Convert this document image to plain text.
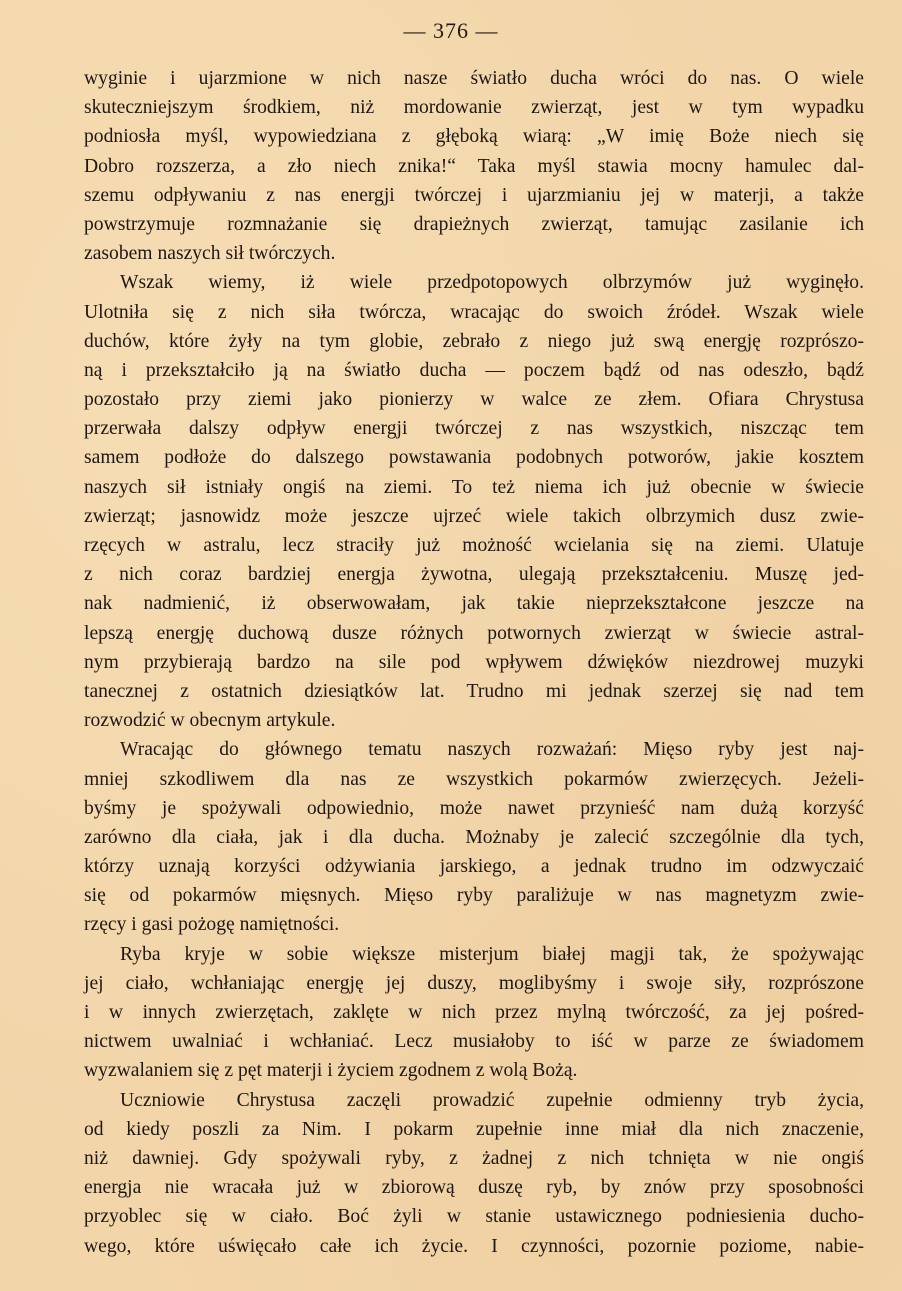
— 376 —
wyginie i ujarzmione w nich nasze światło ducha wróci do nas. O wiele
skuteczniejszym środkiem, niż mordowanie zwierząt, jest w tym wypadku
podniosła myśl, wypowiedziana z głęboką wiarą: „W imię Boże niech się
Dobro rozszerza, a zło niech znika!“ Taka myśl stawia mocny hamulec dal-
szemu odpływaniu z nas energji twórczej i ujarzmianiu jej w materji, a także
powstrzymuje rozmnażanie się drapieżnych zwierząt, tamując zasilanie ich
zasobem naszych sił twórczych.
Wszak wiemy, iż wiele przedpotopowych olbrzymów już wyginęło.
Ulotniła się z nich siła twórcza, wracając do swoich źródeł. Wszak wiele
duchów, które żyły na tym globie, zebrało z niego już swą energję rozprószo-
ną i przekształciło ją na światło ducha — poczem bądź od nas odeszło, bądź
pozostało przy ziemi jako pionierzy w walce ze złem. Ofiara Chrystusa
przerwała dalszy odpływ energji twórczej z nas wszystkich, niszcząc tem
samem podłoże do dalszego powstawania podobnych potworów, jakie kosztem
naszych sił istniały ongiś na ziemi. To też niema ich już obecnie w świecie
zwierząt; jasnowidz może jeszcze ujrzeć wiele takich olbrzymich dusz zwie-
rzęcych w astralu, lecz straciły już możność wcielania się na ziemi. Ulatuje
z nich coraz bardziej energja żywotna, ulegają przekształceniu. Muszę jed-
nak nadmienić, iż obserwowałam, jak takie nieprzekształcone jeszcze na
lepszą energję duchową dusze różnych potwornych zwierząt w świecie astral-
nym przybierają bardzo na sile pod wpływem dźwięków niezdrowej muzyki
tanecznej z ostatnich dziesiątków lat. Trudno mi jednak szerzej się nad tem
rozwodzić w obecnym artykule.
Wracając do głównego tematu naszych rozważań: Mięso ryby jest naj-
mniej szkodliwem dla nas ze wszystkich pokarmów zwierzęcych. Jeżeli-
byśmy je spożywali odpowiednio, może nawet przynieść nam dużą korzyść
zarówno dla ciała, jak i dla ducha. Możnaby je zalecić szczególnie dla tych,
którzy uznają korzyści odżywiania jarskiego, a jednak trudno im odzwyczaić
się od pokarmów mięsnych. Mięso ryby paraliżuje w nas magnetyzm zwie-
rzęcy i gasi pożogę namiętności.
Ryba kryje w sobie większe misterjum białej magji tak, że spożywając
jej ciało, wchłaniając energję jej duszy, moglibyśmy i swoje siły, rozprószone
i w innych zwierzętach, zaklęte w nich przez mylną twórczość, za jej pośred-
nictwem uwalniać i wchłaniać. Lecz musiałoby to iść w parze ze świadomem
wyzwalaniem się z pęt materji i życiem zgodnem z wolą Bożą.
Uczniowie Chrystusa zaczęli prowadzić zupełnie odmienny tryb życia,
od kiedy poszli za Nim. I pokarm zupełnie inne miał dla nich znaczenie,
niż dawniej. Gdy spożywali ryby, z żadnej z nich tchnięta w nie ongiś
energja nie wracała już w zbiorową duszę ryb, by znów przy sposobności
przyoblec się w ciało. Boć żyli w stanie ustawicznego podniesienia ducho-
wego, które uświęcało całe ich życie. I czynności, pozornie poziome, nabie-
